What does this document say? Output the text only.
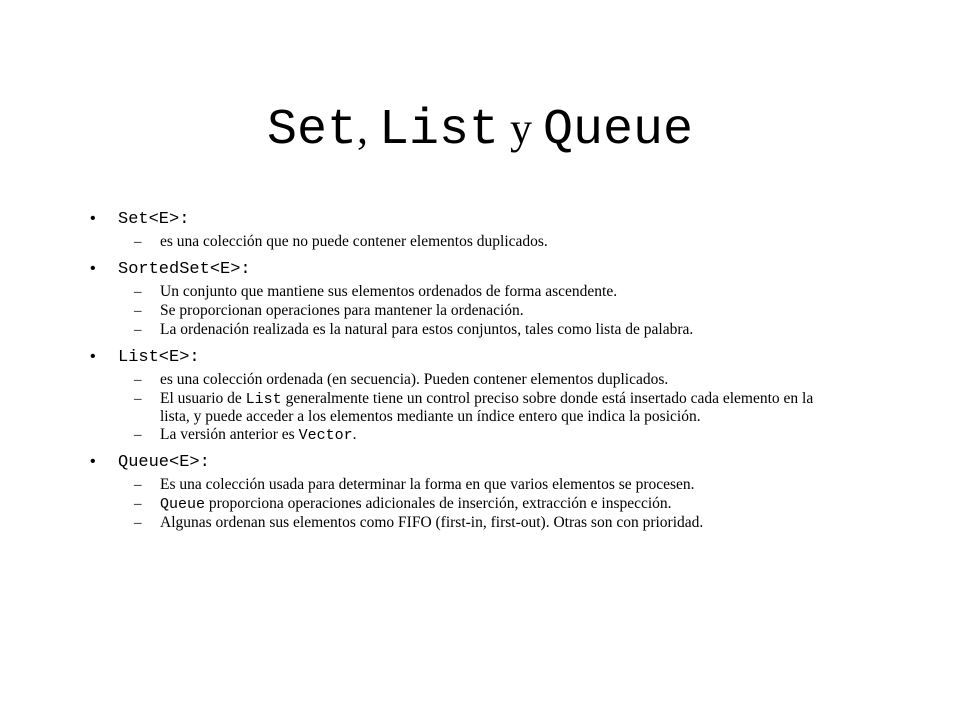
Set, List y Queue
•	Set<E>:
–	es una colección que no puede contener elementos duplicados.
•	SortedSet<E>:
–	Un conjunto que mantiene sus elementos ordenados de forma ascendente.
–	Se proporcionan operaciones para mantener la ordenación.
–	La ordenación realizada es la natural para estos conjuntos, tales como lista de palabra.
•	List<E>:
–	es una colección ordenada (en secuencia). Pueden contener elementos duplicados.
–	El usuario de List generalmente tiene un control preciso sobre donde está insertado cada elemento en la lista, y puede acceder a los elementos mediante un índice entero que indica la posición.
–	La versión anterior es Vector.
•	Queue<E>:
–	Es una colección usada para determinar la forma en que varios elementos se procesen.
–	Queue proporciona operaciones adicionales de inserción, extracción e inspección.
–	Algunas ordenan sus elementos como FIFO (first-in, first-out). Otras son con prioridad.
